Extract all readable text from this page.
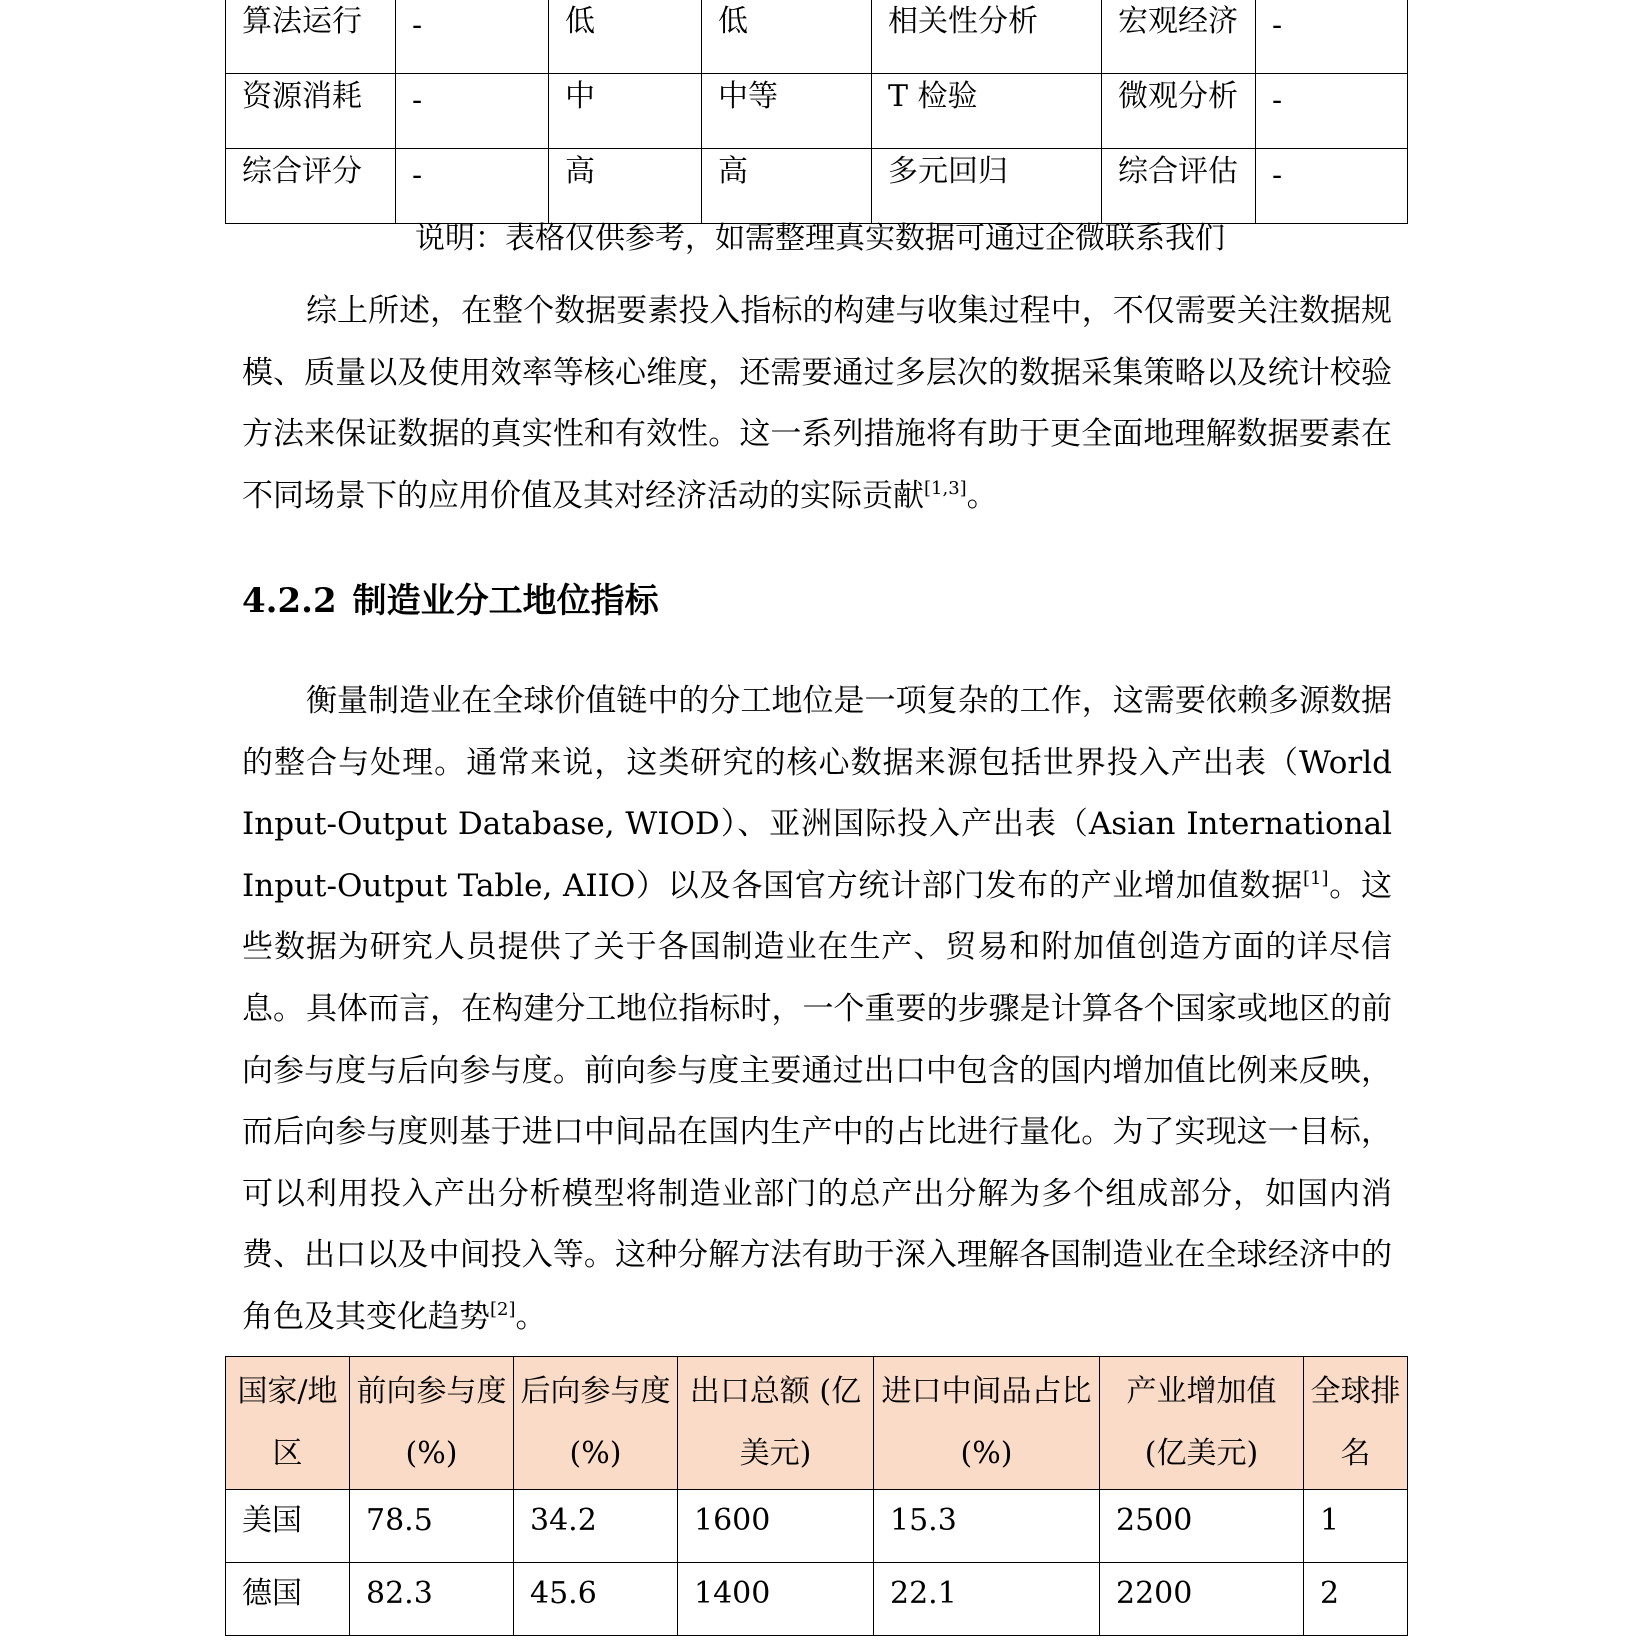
算法运行	-	低	低	相关性分析	宏观经济	-
资源消耗	-	中	中等	T 检验	微观分析	-
综合评分	-	高	高	多元回归	综合评估	-
说明：表格仅供参考，如需整理真实数据可通过企微联系我们

综上所述，在整个数据要素投入指标的构建与收集过程中，不仅需要关注数据规模、质量以及使用效率等核心维度，还需要通过多层次的数据采集策略以及统计校验方法来保证数据的真实性和有效性。这一系列措施将有助于更全面地理解数据要素在不同场景下的应用价值及其对经济活动的实际贡献[1,3]。

4.2.2 制造业分工地位指标

衡量制造业在全球价值链中的分工地位是一项复杂的工作，这需要依赖多源数据的整合与处理。通常来说，这类研究的核心数据来源包括世界投入产出表（World Input-Output Database, WIOD）、亚洲国际投入产出表（Asian International Input-Output Table, AIIO）以及各国官方统计部门发布的产业增加值数据[1]。这些数据为研究人员提供了关于各国制造业在生产、贸易和附加值创造方面的详尽信息。 具体而言，在构建分工地位指标时，一个重要的步骤是计算各个国家或地区的前向参与度与后向参与度。前向参与度主要通过出口中包含的国内增加值比例来反映，而后向参与度则基于进口中间品在国内生产中的占比进行量化。为了实现这一目标，可以利用投入产出分析模型将制造业部门的总产出分解为多个组成部分，如国内消费、出口以及中间投入等。这种分解方法有助于深入理解各国制造业在全球经济中的角色及其变化趋势[2]。

国家/地区	前向参与度 (%)	后向参与度 (%)	出口总额 (亿美元)	进口中间品占比 (%)	产业增加值 (亿美元)	全球排名
美国	78.5	34.2	1600	15.3	2500	1
德国	82.3	45.6	1400	22.1	2200	2
